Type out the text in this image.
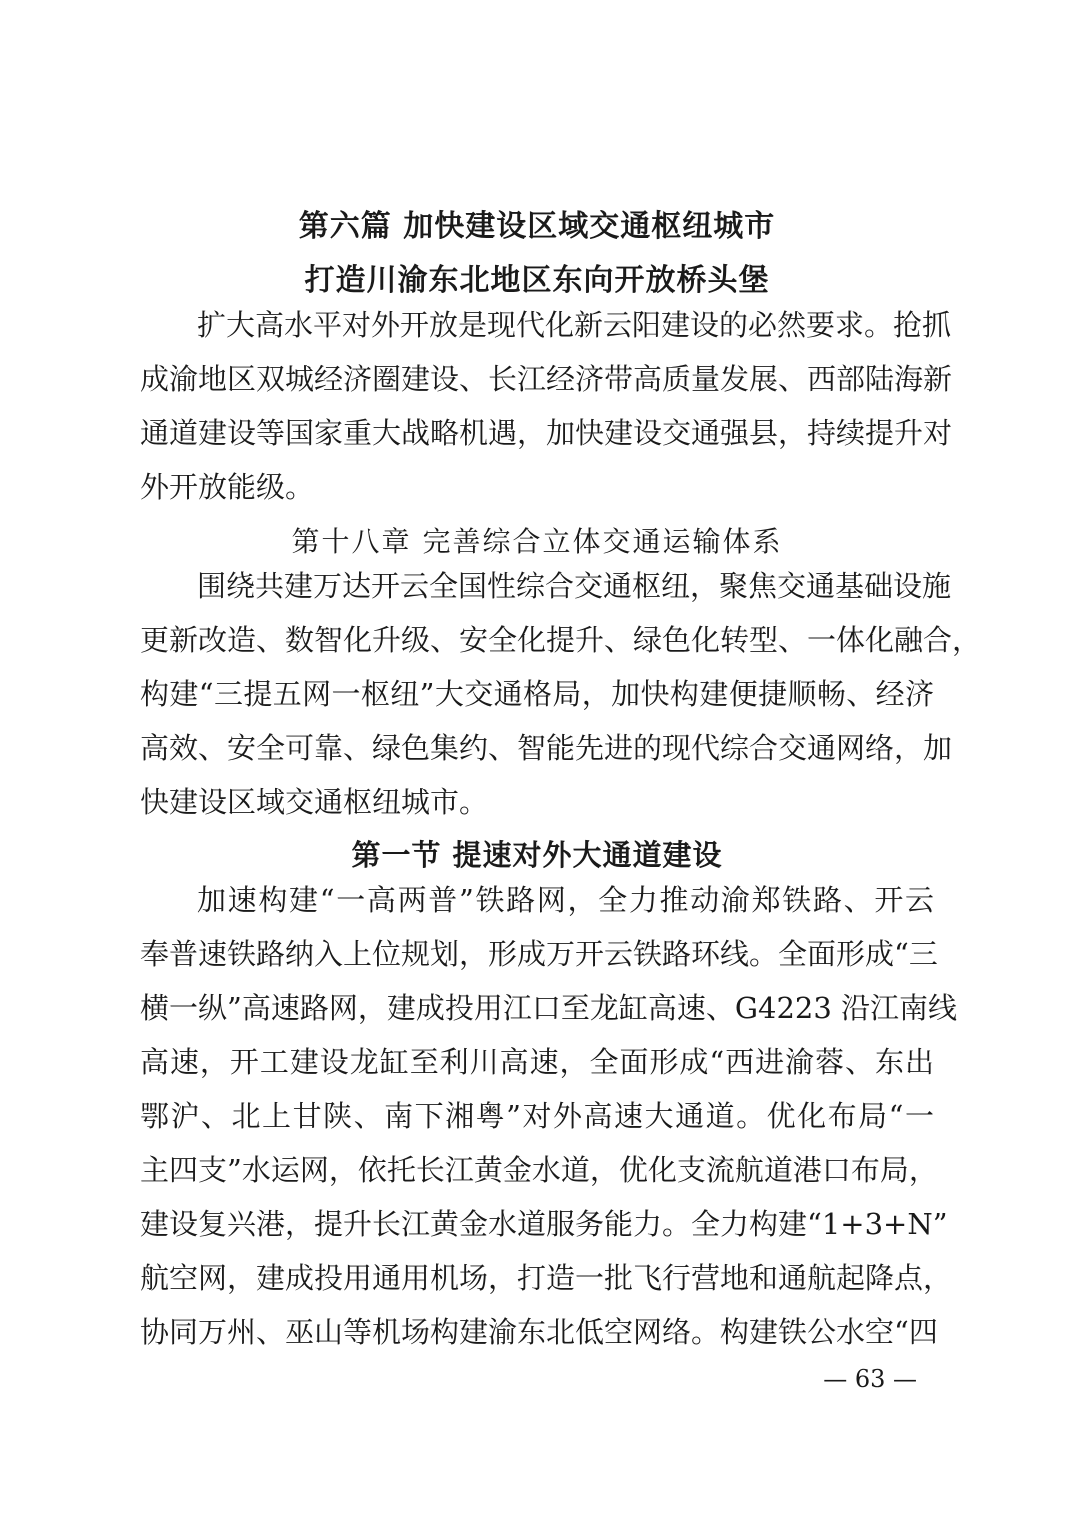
第六篇 加快建设区域交通枢纽城市
打造川渝东北地区东向开放桥头堡
扩大高水平对外开放是现代化新云阳建设的必然要求。抢抓
成渝地区双城经济圈建设、长江经济带高质量发展、西部陆海新
通道建设等国家重大战略机遇，加快建设交通强县，持续提升对
外开放能级。
第十八章 完善综合立体交通运输体系
围绕共建万达开云全国性综合交通枢纽，聚焦交通基础设施
更新改造、数智化升级、安全化提升、绿色化转型、一体化融合，
构建“三提五网一枢纽”大交通格局，加快构建便捷顺畅、经济
高效、安全可靠、绿色集约、智能先进的现代综合交通网络，加
快建设区域交通枢纽城市。
第一节 提速对外大通道建设
加速构建“一高两普”铁路网，全力推动渝郑铁路、开云
奉普速铁路纳入上位规划，形成万开云铁路环线。全面形成“三
横一纵”高速路网，建成投用江口至龙缸高速、G4223 沿江南线
高速，开工建设龙缸至利川高速，全面形成“西进渝蓉、东出
鄂沪、北上甘陕、南下湘粤”对外高速大通道。优化布局“一
主四支”水运网，依托长江黄金水道，优化支流航道港口布局，
建设复兴港，提升长江黄金水道服务能力。全力构建“1+3+N”
航空网，建成投用通用机场，打造一批飞行营地和通航起降点，
协同万州、巫山等机场构建渝东北低空网络。构建铁公水空“四
— 63 —
